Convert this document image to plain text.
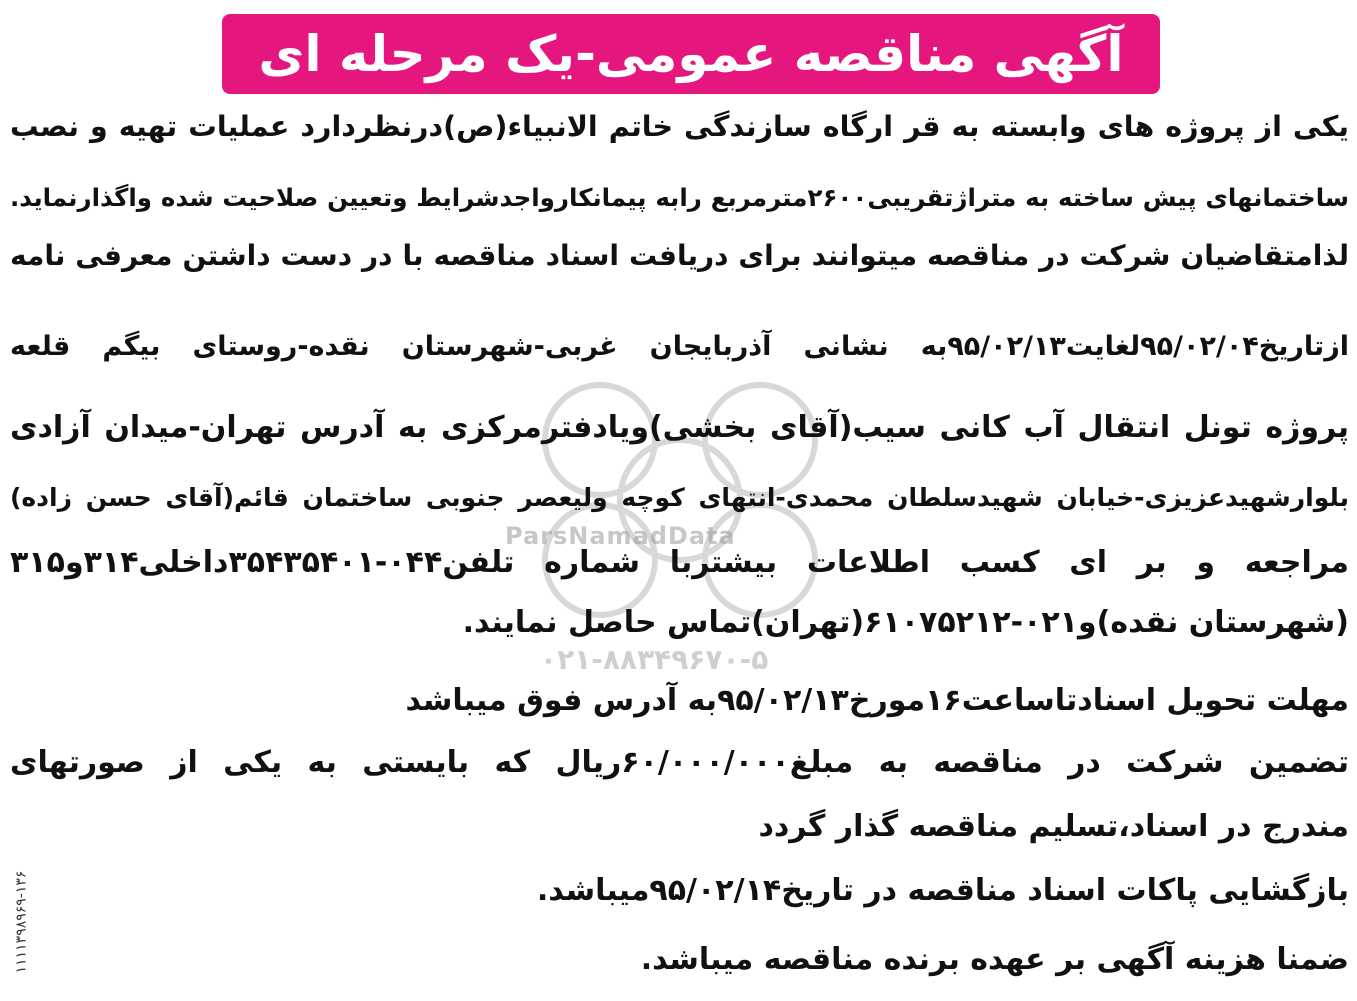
آگهی مناقصه عمومی-یک مرحله ای
ParsNamadData
یکی از پروژه های وابسته به قر ارگاه سازندگی خاتم الانبیاء(ص)درنظردارد عملیات تهیه و نصب
ساختمانهای پیش ساخته به متراژتقریبی۲۶۰۰مترمربع رابه پیمانکارواجدشرایط وتعیین صلاحیت شده واگذارنماید.
لذامتقاضیان شرکت در مناقصه میتوانند برای دریافت اسناد مناقصه با در دست داشتن معرفی نامه
ازتاریخ۹۵/۰۲/۰۴لغایت۹۵/۰۲/۱۳به نشانی آذربایجان غربی-شهرستان نقده-روستای بیگم قلعه
پروژه تونل انتقال آب کانی سیب(آقای بخشی)ویادفترمرکزی به آدرس تهران-میدان آزادی
بلوارشهیدعزیزی-خیابان شهیدسلطان محمدی-انتهای کوچه ولیعصر جنوبی ساختمان قائم(آقای حسن زاده)
مراجعه و بر ای کسب اطلاعات بیشتربا شماره تلفن۰۴۴-۳۵۴۳۵۴۰۱داخلی۳۱۴و۳۱۵
(شهرستان نقده)و۰۲۱-۶۱۰۷۵۲۱۲(تهران)تماس حاصل نمایند.
مهلت تحویل اسنادتاساعت۱۶مورخ۹۵/۰۲/۱۳به آدرس فوق میباشد
تضمین شرکت در مناقصه به مبلغ۶۰/۰۰۰/۰۰۰ریال که بایستی به یکی از صورتهای
مندرج در اسناد،تسلیم مناقصه گذار گردد
بازگشایی پاکات اسناد مناقصه در تاریخ۹۵/۰۲/۱۴میباشد.
ضمنا هزینه آگهی بر عهده برنده مناقصه میباشد.
۰۲۱-۸۸۳۴۹۶۷۰-۵
۱۱۱۱۳۹۸۹۶۹-۱۳۶
